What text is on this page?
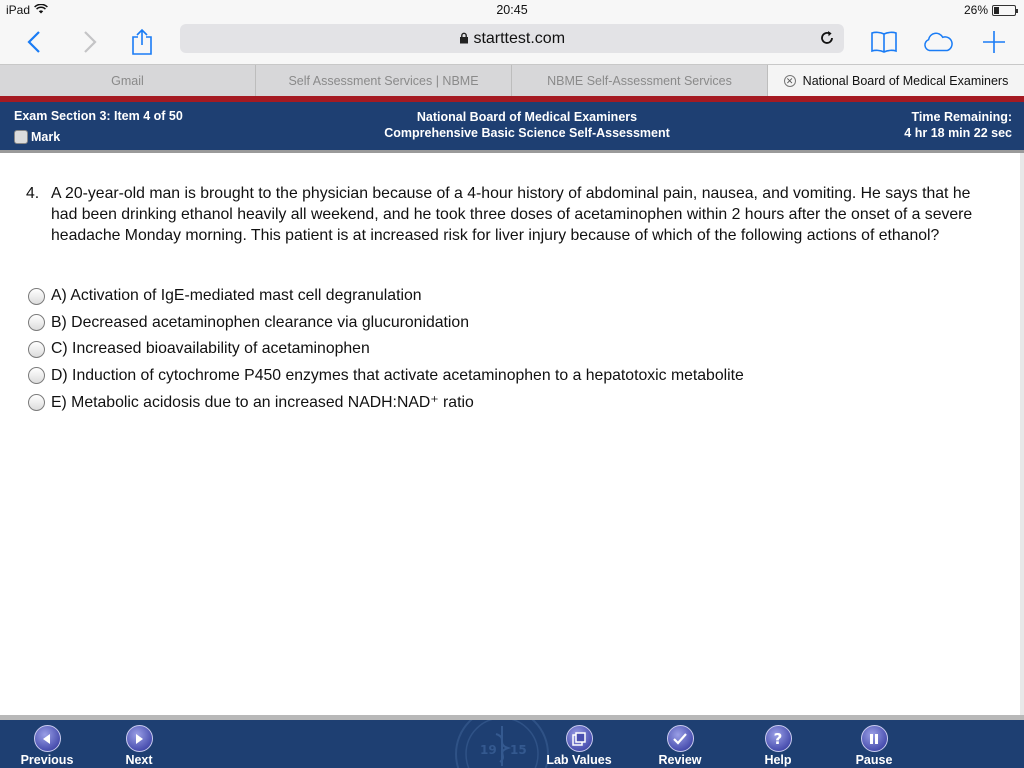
iPad	20:45	26%
starttest.com
Gmail	Self Assessment Services | NBME	NBME Self-Assessment Services	✕ National Board of Medical Examiners
Exam Section 3: Item 4 of 50
Mark
National Board of Medical Examiners
Comprehensive Basic Science Self-Assessment
Time Remaining:
4 hr 18 min 22 sec
4. A 20-year-old man is brought to the physician because of a 4-hour history of abdominal pain, nausea, and vomiting. He says that he had been drinking ethanol heavily all weekend, and he took three doses of acetaminophen within 2 hours after the onset of a severe headache Monday morning. This patient is at increased risk for liver injury because of which of the following actions of ethanol?
A) Activation of IgE-mediated mast cell degranulation
B) Decreased acetaminophen clearance via glucuronidation
C) Increased bioavailability of acetaminophen
D) Induction of cytochrome P450 enzymes that activate acetaminophen to a hepatotoxic metabolite
E) Metabolic acidosis due to an increased NADH:NAD⁺ ratio
19 15
Previous	Next	Lab Values	Review
?
Help	Pause
